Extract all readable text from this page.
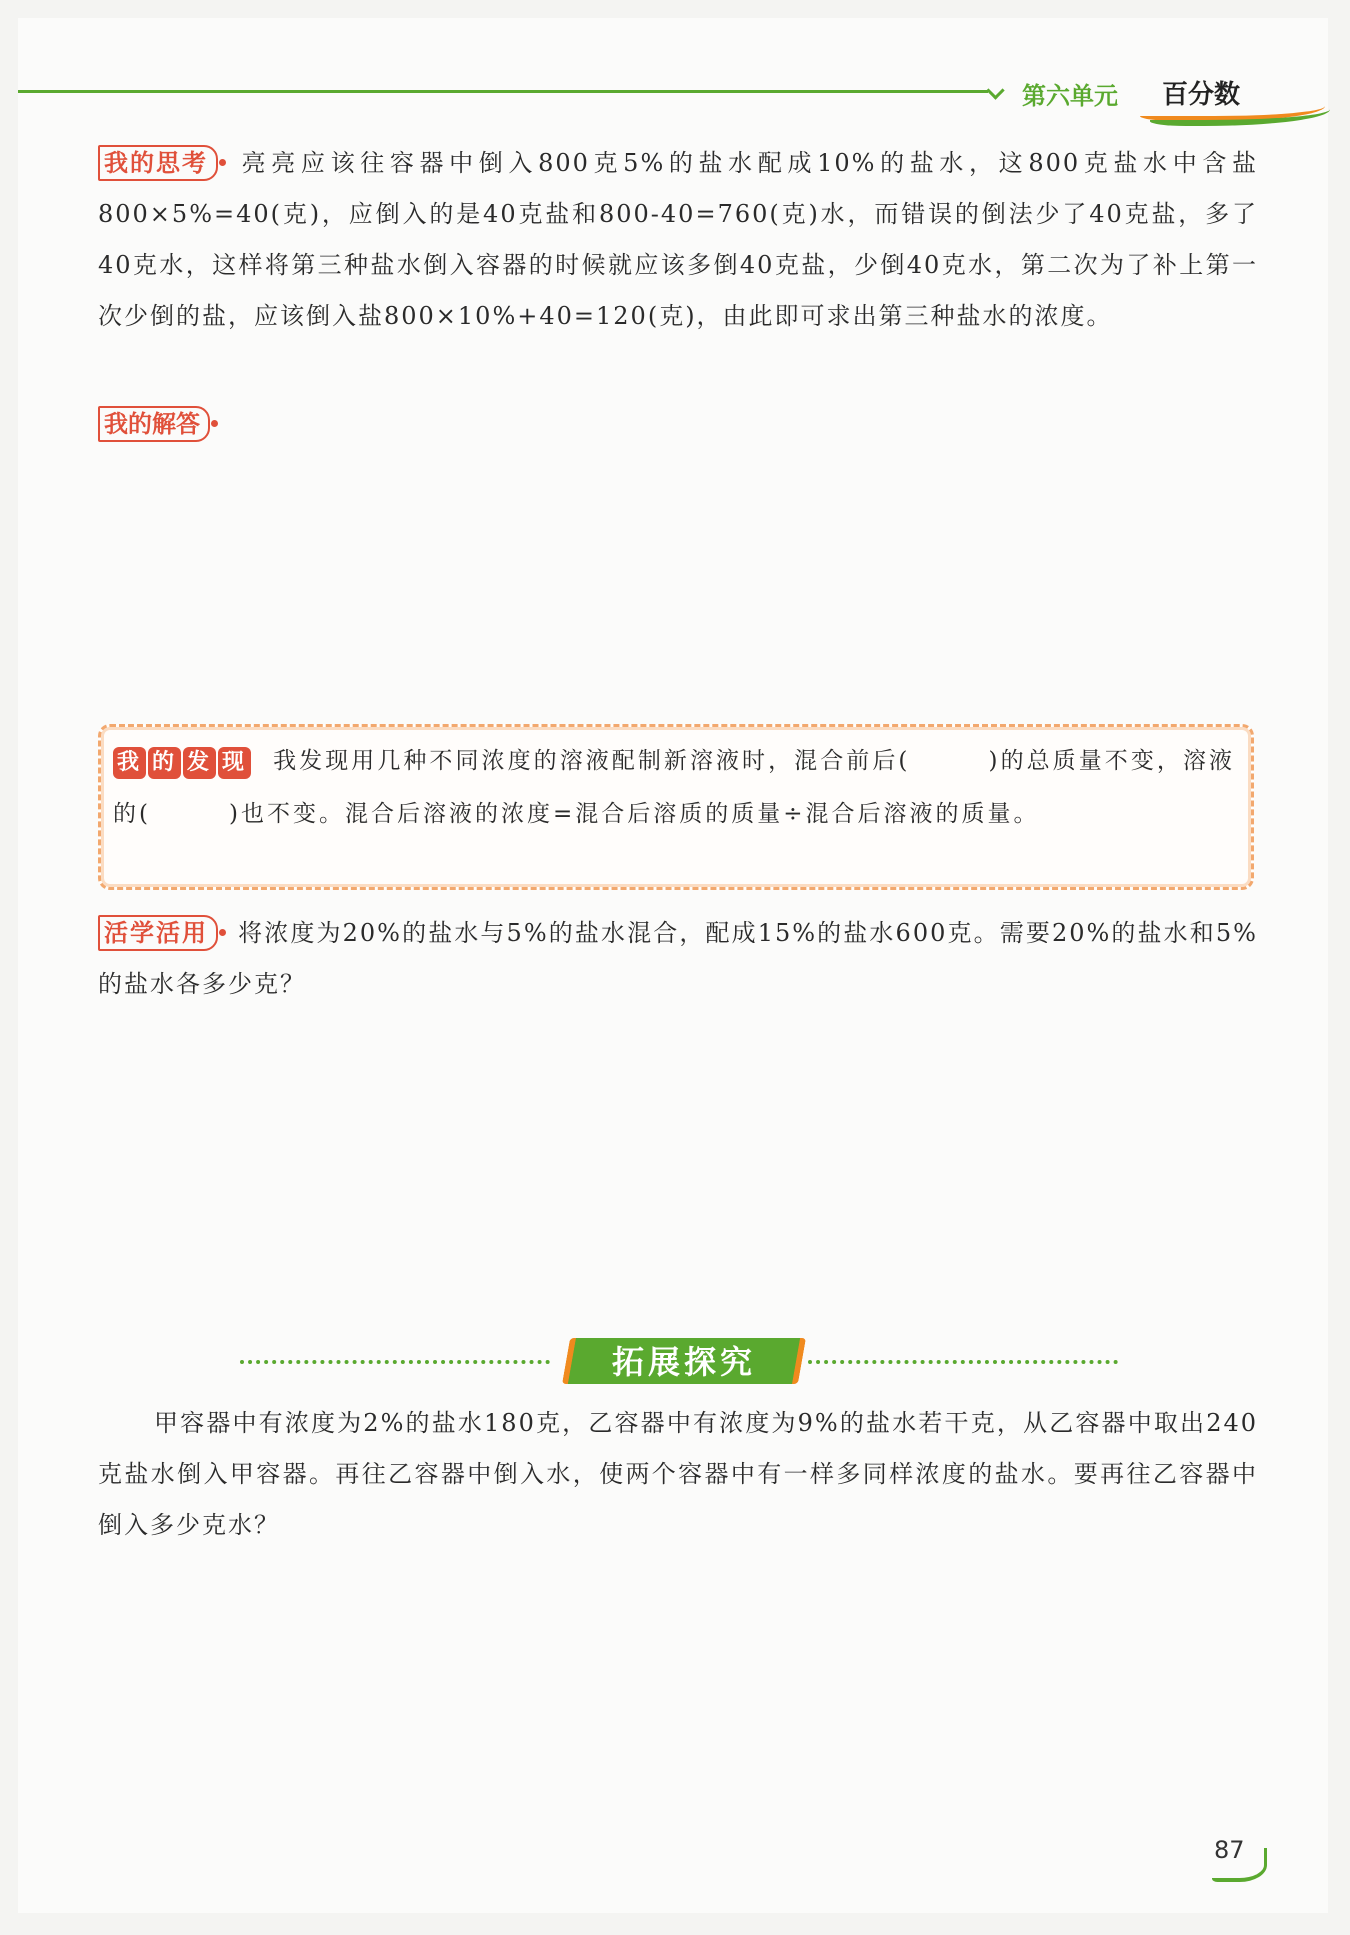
第六单元 百分数
我的思考 亮亮应该往容器中倒入800克5%的盐水配成10%的盐水，这800克盐水中含盐800×5%=40(克)，应倒入的是40克盐和800-40=760(克)水，而错误的倒法少了40克盐，多了40克水，这样将第三种盐水倒入容器的时候就应该多倒40克盐，少倒40克水，第二次为了补上第一次少倒的盐，应该倒入盐800×10%+40=120(克)，由此即可求出第三种盐水的浓度。
我的解答
我 的 发 现 我发现用几种不同浓度的溶液配制新溶液时，混合前后(　　　)的总质量不变，溶液的(　　　)也不变。混合后溶液的浓度=混合后溶质的质量÷混合后溶液的质量。
活学活用 将浓度为20%的盐水与5%的盐水混合，配成15%的盐水600克。需要20%的盐水和5%的盐水各多少克？
拓展探究
甲容器中有浓度为2%的盐水180克，乙容器中有浓度为9%的盐水若干克，从乙容器中取出240克盐水倒入甲容器。再往乙容器中倒入水，使两个容器中有一样多同样浓度的盐水。要再往乙容器中倒入多少克水？
87
